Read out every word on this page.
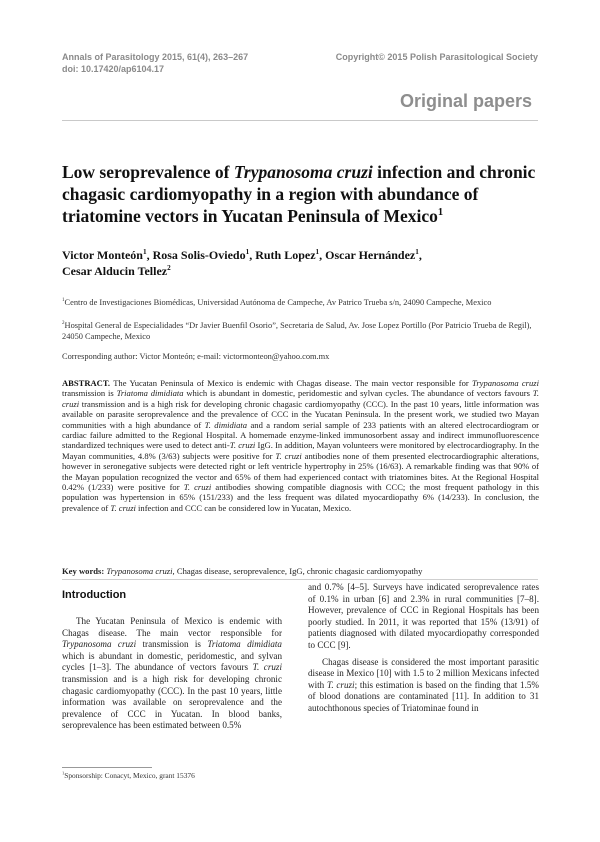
Annals of Parasitology 2015, 61(4), 263–267
doi: 10.17420/ap6104.17
Copyright© 2015 Polish Parasitological Society
Original papers
Low seroprevalence of Trypanosoma cruzi infection and chronic chagasic cardiomyopathy in a region with abundance of triatomine vectors in Yucatan Peninsula of Mexico$^1$
Victor Monteón$^1$, Rosa Solis-Oviedo$^1$, Ruth Lopez$^1$, Oscar Hernández$^1$,
Cesar Alducin Tellez$^2$
$^1$Centro de Investigaciones Biomédicas, Universidad Autónoma de Campeche, Av Patrico Trueba s/n, 24090 Campeche, Mexico
$^2$Hospital General de Especialidades “Dr Javier Buenfil Osorio”, Secretaria de Salud, Av. Jose Lopez Portillo (Por Patricio Trueba de Regil), 24050 Campeche, Mexico
Corresponding author: Victor Monteón; e-mail: victormonteon@yahoo.com.mx
ABSTRACT. The Yucatan Peninsula of Mexico is endemic with Chagas disease. The main vector responsible for Trypanosoma cruzi transmission is Triatoma dimidiata which is abundant in domestic, peridomestic and sylvan cycles. The abundance of vectors favours T. cruzi transmission and is a high risk for developing chronic chagasic cardiomyopathy (CCC). In the past 10 years, little information was available on parasite seroprevalence and the prevalence of CCC in the Yucatan Peninsula. In the present work, we studied two Mayan communities with a high abundance of T. dimidiata and a random serial sample of 233 patients with an altered electrocardiogram or cardiac failure admitted to the Regional Hospital. A homemade enzyme-linked immunosorbent assay and indirect immunofluorescence standardized techniques were used to detect anti-T. cruzi IgG. In addition, Mayan volunteers were monitored by electrocardiography. In the Mayan communities, 4.8% (3/63) subjects were positive for T. cruzi antibodies none of them presented electrocardiographic alterations, however in seronegative subjects were detected right or left ventricle hypertrophy in 25% (16/63). A remarkable finding was that 90% of the Mayan population recognized the vector and 65% of them had experienced contact with triatomines bites. At the Regional Hospital 0.42% (1/233) were positive for T. cruzi antibodies showing compatible diagnosis with CCC; the most frequent pathology in this population was hypertension in 65% (151/233) and the less frequent was dilated myocardiopathy 6% (14/233). In conclusion, the prevalence of T. cruzi infection and CCC can be considered low in Yucatan, Mexico.
Key words: Trypanosoma cruzi, Chagas disease, seroprevalence, IgG, chronic chagasic cardiomyopathy
Introduction

The Yucatan Peninsula of Mexico is endemic with Chagas disease. The main vector responsible for Trypanosoma cruzi transmission is Triatoma dimidiata which is abundant in domestic, peridomestic, and sylvan cycles [1–3]. The abundance of vectors favours T. cruzi transmission and is a high risk for developing chronic chagasic cardiomyopathy (CCC). In the past 10 years, little information was available on seroprevalence and the prevalence of CCC in Yucatan. In blood banks, seroprevalence has been estimated between 0.5%

and 0.7% [4–5]. Surveys have indicated seroprevalence rates of 0.1% in urban [6] and 2.3% in rural communities [7–8]. However, prevalence of CCC in Regional Hospitals has been poorly studied. In 2011, it was reported that 15% (13/91) of patients diagnosed with dilated myocardiopathy corresponded to CCC [9].

Chagas disease is considered the most important parasitic disease in Mexico [10] with 1.5 to 2 million Mexicans infected with T. cruzi; this estimation is based on the finding that 1.5% of blood donations are contaminated [11]. In addition to 31 autochthonous species of Triatominae found in

$^1$Sponsorship: Conacyt, Mexico, grant 15376
